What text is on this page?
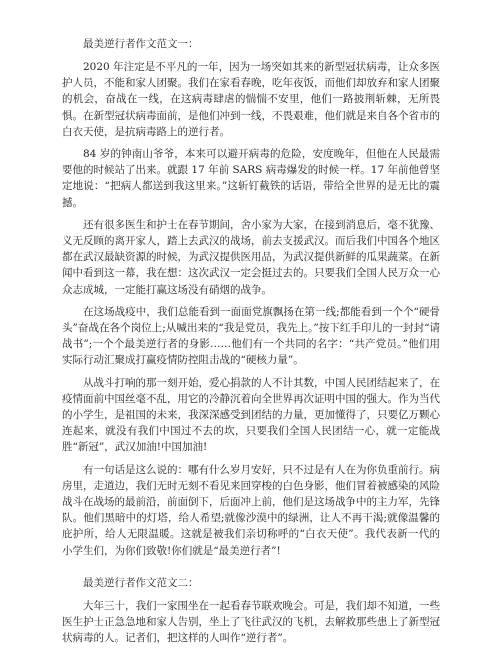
最美逆行者作文范文一：

2020 年注定是不平凡的一年，因为一场突如其来的新型冠状病毒，让众多医护人员，不能和家人团聚。我们在家看春晚，吃年夜饭，而他们却放弃和家人团聚的机会，奋战在一线，在这病毒肆虐的惴惴不安里，他们一路披荆斩棘，无所畏惧。在新型冠状病毒面前，是他们冲到一线，不畏艰难，他们就是来自各个省市的白衣天使，是抗病毒路上的逆行者。

84 岁的钟南山爷爷，本来可以避开病毒的危险，安度晚年，但他在人民最需要他的时候站了出来。就跟 17 年前 SARS 病毒爆发的时候一样。17 年前他曾坚定地说：“把病人都送到我这里来。”这斩钉截铁的话语，带给全世界的是无比的震撼。

还有很多医生和护士在春节期间，舍小家为大家，在接到消息后，毫不犹豫、义无反顾的离开家人，踏上去武汉的战场，前去支援武汉。而后我们中国各个地区都在武汉最缺资源的时候，为武汉提供医用品，为武汉提供新鲜的瓜果蔬菜。在新闻中看到这一幕，我在想：这次武汉一定会挺过去的。只要我们全国人民万众一心众志成城，一定能打赢这场没有硝烟的战争。

在这场战疫中，我们总能看到一面面党旗飘扬在第一线;都能看到一个个“硬骨头”奋战在各个岗位上;从喊出来的“我是党员，我先上。”按下红手印儿的一封封“请战书”;一个个最美逆行者的身影……他们有一个共同的名字：“共产党员。”他们用实际行动汇聚成打赢疫情防控阻击战的“硬核力量”。

从战斗打响的那一刻开始，爱心捐款的人不计其数，中国人民团结起来了，在疫情面前中国丝毫不乱，用它的冷静沉着向全世界再次证明中国的强大。作为当代的小学生，是祖国的未来，我深深感受到团结的力量，更加懂得了，只要亿万颗心连起来，就没有我们中国过不去的坎，只要我们全国人民团结一心，就一定能战胜“新冠”，武汉加油!中国加油!

有一句话是这么说的：哪有什么岁月安好，只不过是有人在为你负重前行。病房里，走道边，我们无时无刻不看见来回穿梭的白色身影，他们冒着被感染的风险战斗在战场的最前沿，前面倒下，后面冲上前，他们是这场战争中的主力军，先锋队。他们黑暗中的灯塔，给人希望;就像沙漠中的绿洲，让人不再干渴;就像温馨的庇护所，给人无限温暖。这就是被我们亲切称呼的“白衣天使”。我代表新一代的小学生们，为你们致敬!你们就是“最美逆行者”!

最美逆行者作文范文二：

大年三十，我们一家围坐在一起看春节联欢晚会。可是，我们却不知道，一些医生护士正急急地和家人告别，坐上了飞往武汉的飞机，去解救那些患上了新型冠状病毒的人。记者们，把这样的人叫作“逆行者”。
